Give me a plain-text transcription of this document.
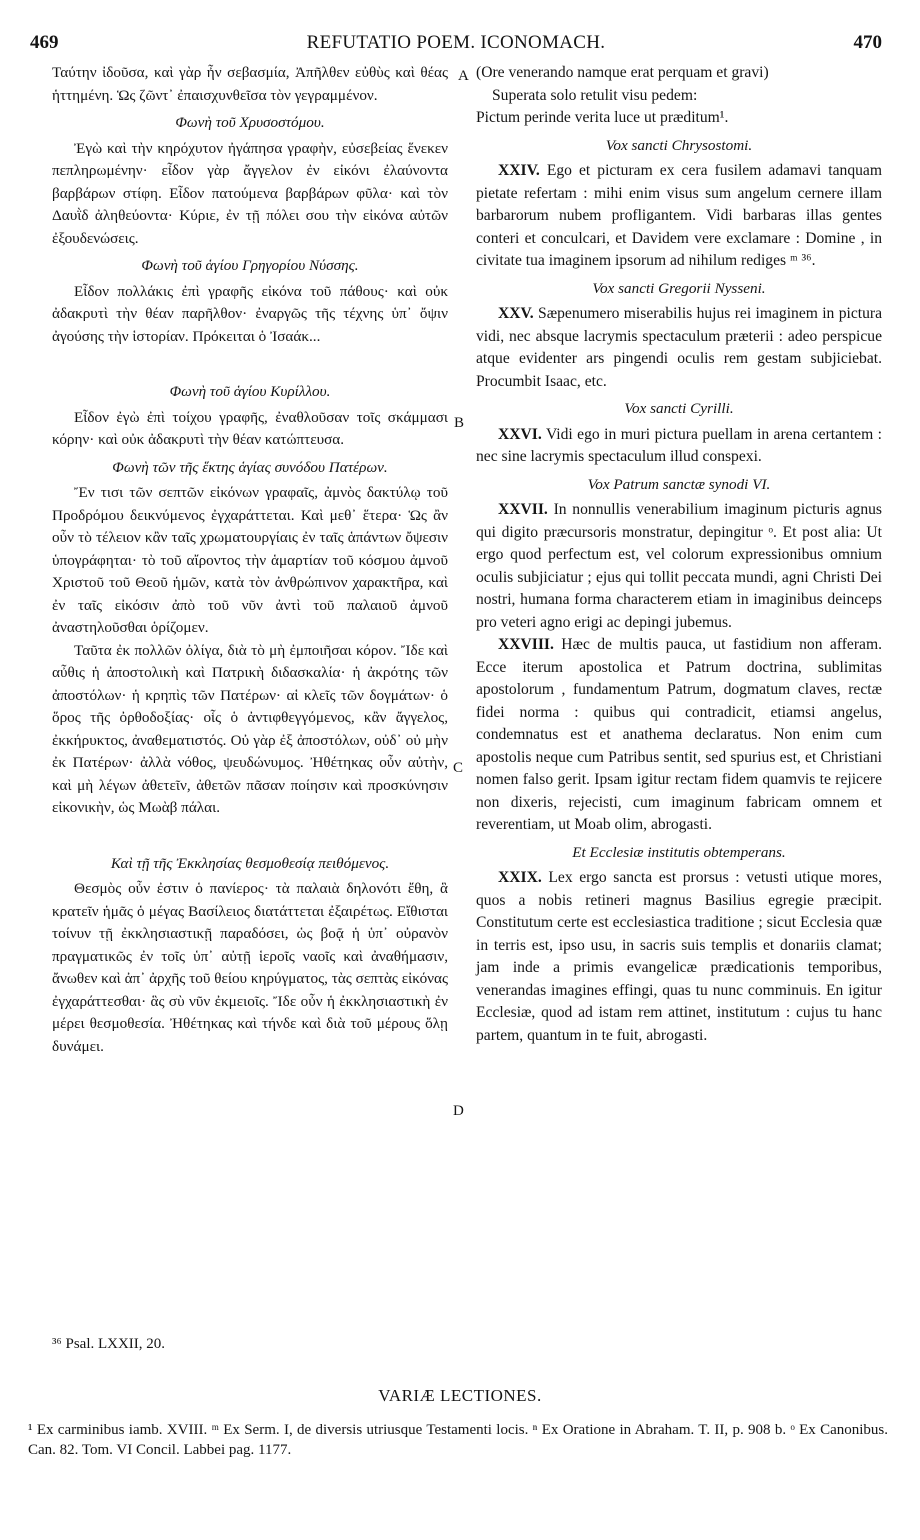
REFUTATIO POEM. ICONOMACH.
469	470

Ταύτην ἰδοῦσα, καὶ γὰρ ἦν σεβασμία, Ἀπῆλθεν εὐθὺς καὶ θέας ἡττημένη. Ὡς ζῶντ᾽ ἐπαισχυνθεῖσα τὸν γεγραμμένον.

Φωνὴ τοῦ Χρυσοστόμου.

Ἐγὼ καὶ τὴν κηρόχυτον ἠγάπησα γραφὴν, εὐσεβείας ἕνεκεν πεπληρωμένην· εἶδον γὰρ ἄγγελον ἐν εἰκόνι ἐλαύνοντα βαρβάρων στίφη. Εἶδον πατούμενα βαρβάρων φῦλα· καὶ τὸν Δαυῒδ ἀληθεύοντα· Κύριε, ἐν τῇ πόλει σου τὴν εἰκόνα αὐτῶν ἐξουδενώσεις.

Φωνὴ τοῦ ἁγίου Γρηγορίου Νύσσης.

Εἶδον πολλάκις ἐπὶ γραφῆς εἰκόνα τοῦ πάθους· καὶ οὐκ ἀδακρυτὶ τὴν θέαν παρῆλθον· ἐναργῶς τῆς τέχνης ὑπ᾽ ὄψιν ἀγούσης τὴν ἱστορίαν. Πρόκειται ὁ Ἰσαάκ...

Φωνὴ τοῦ ἁγίου Κυρίλλου.

Εἶδον ἐγὼ ἐπὶ τοίχου γραφῆς, ἐναθλοῦσαν τοῖς σκάμμασι κόρην· καὶ οὐκ ἀδακρυτὶ τὴν θέαν κατώπτευσα.

Φωνὴ τῶν τῆς ἕκτης ἁγίας συνόδου Πατέρων.

Ἔν τισι τῶν σεπτῶν εἰκόνων γραφαῖς, ἀμνὸς δακτύλῳ τοῦ Προδρόμου δεικνύμενος ἐγχαράττεται. Καὶ μεθ᾽ ἕτερα· Ὡς ἂν οὖν τὸ τέλειον κἂν ταῖς χρωματουργίαις ἐν ταῖς ἁπάντων ὄψεσιν ὑπογράφηται· τὸ τοῦ αἴροντος τὴν ἁμαρτίαν τοῦ κόσμου ἀμνοῦ Χριστοῦ τοῦ Θεοῦ ἡμῶν, κατὰ τὸν ἀνθρώπινον χαρακτῆρα, καὶ ἐν ταῖς εἰκόσιν ἀπὸ τοῦ νῦν ἀντὶ τοῦ παλαιοῦ ἀμνοῦ ἀναστηλοῦσθαι ὁρίζομεν.

Ταῦτα ἐκ πολλῶν ὀλίγα, διὰ τὸ μὴ ἐμποιῆσαι κόρον. Ἴδε καὶ αὖθις ἡ ἀποστολικὴ καὶ Πατρικὴ διδασκαλία· ἡ ἀκρότης τῶν ἀποστόλων· ἡ κρηπὶς τῶν Πατέρων· αἱ κλεῖς τῶν δογμάτων· ὁ ὅρος τῆς ὀρθοδοξίας· οἷς ὁ ἀντιφθεγγόμενος, κἂν ἄγγελος, ἐκκήρυκτος, ἀναθεματιστός. Οὐ γὰρ ἐξ ἀποστόλων, οὐδ᾽ οὐ μὴν ἐκ Πατέρων· ἀλλὰ νόθος, ψευδώνυμος. Ἠθέτηκας οὖν αὐτὴν, καὶ μὴ λέγων ἀθετεῖν, ἀθετῶν πᾶσαν ποίησιν καὶ προσκύνησιν εἰκονικὴν, ὡς Μωὰβ πάλαι.

Καὶ τῇ τῆς Ἐκκλησίας θεσμοθεσίᾳ πειθόμενος.

Θεσμὸς οὖν ἐστιν ὁ πανίερος· τὰ παλαιὰ δηλονότι ἔθη, ἃ κρατεῖν ἡμᾶς ὁ μέγας Βασίλειος διατάττεται ἐξαιρέτως. Εἴθισται τοίνυν τῇ ἐκκλησιαστικῇ παραδόσει, ὡς βοᾷ ἡ ὑπ᾽ οὐρανὸν πραγματικῶς ἐν τοῖς ὑπ᾽ αὐτῇ ἱεροῖς ναοῖς καὶ ἀναθήμασιν, ἄνωθεν καὶ ἀπ᾽ ἀρχῆς τοῦ θείου κηρύγματος, τὰς σεπτὰς εἰκόνας ἐγχαράττεσθαι· ἃς σὺ νῦν ἐκμειοῖς. Ἴδε οὖν ἡ ἐκκλησιαστικὴ ἐν μέρει θεσμοθεσία. Ἠθέτηκας καὶ τήνδε καὶ διὰ τοῦ μέρους ὅλῃ δυνάμει.

A
B
C
D

(Ore venerando namque erat perquam et gravi)

Superata solo retulit visu pedem:

Pictum perinde verita luce ut præditum¹.

Vox sancti Chrysostomi.

XXIV. Ego et picturam ex cera fusilem adamavi tanquam pietate refertam : mihi enim visus sum angelum cernere illam barbarorum nubem profligantem. Vidi barbaras illas gentes conteri et conculcari, et Davidem vere exclamare : Domine , in civitate tua imaginem ipsorum ad nihilum rediges ᵐ ³⁶.

Vox sancti Gregorii Nysseni.

XXV. Sæpenumero miserabilis hujus rei imaginem in pictura vidi, nec absque lacrymis spectaculum præterii : adeo perspicue atque evidenter ars pingendi oculis rem gestam subjiciebat. Procumbit Isaac, etc.

Vox sancti Cyrilli.

XXVI. Vidi ego in muri pictura puellam in arena certantem : nec sine lacrymis spectaculum illud conspexi.

Vox Patrum sanctæ synodi VI.

XXVII. In nonnullis venerabilium imaginum picturis agnus qui digito præcursoris monstratur, depingitur ᵒ. Et post alia: Ut ergo quod perfectum est, vel colorum expressionibus omnium oculis subjiciatur ; ejus qui tollit peccata mundi, agni Christi Dei nostri, humana forma characterem etiam in imaginibus deinceps pro veteri agno erigi ac depingi jubemus.

XXVIII. Hæc de multis pauca, ut fastidium non afferam. Ecce iterum apostolica et Patrum doctrina, sublimitas apostolorum , fundamentum Patrum, dogmatum claves, rectæ fidei norma : quibus qui contradicit, etiamsi angelus, condemnatus est et anathema declaratus. Non enim cum apostolis neque cum Patribus sentit, sed spurius est, et Christiani nomen falso gerit. Ipsam igitur rectam fidem quamvis te rejicere non dixeris, rejecisti, cum imaginum fabricam omnem et reverentiam, ut Moab olim, abrogasti.

Et Ecclesiæ institutis obtemperans.

XXIX. Lex ergo sancta est prorsus : vetusti utique mores, quos a nobis retineri magnus Basilius egregie præcipit. Constitutum certe est ecclesiastica traditione ; sicut Ecclesia quæ in terris est, ipso usu, in sacris suis templis et donariis clamat; jam inde a primis evangelicæ prædicationis temporibus, venerandas imagines effingi, quas tu nunc comminuis. En igitur Ecclesiæ, quod ad istam rem attinet, institutum : cujus tu hanc partem, quantum in te fuit, abrogasti.

³⁶ Psal. LXXII, 20.
VARIÆ LECTIONES.
¹ Ex carminibus iamb. XVIII. ᵐ Ex Serm. I, de diversis utriusque Testamenti locis. ⁿ Ex Oratione in Abraham. T. II, p. 908 b. ᵒ Ex Canonibus. Can. 82. Tom. VI Concil. Labbei pag. 1177.
